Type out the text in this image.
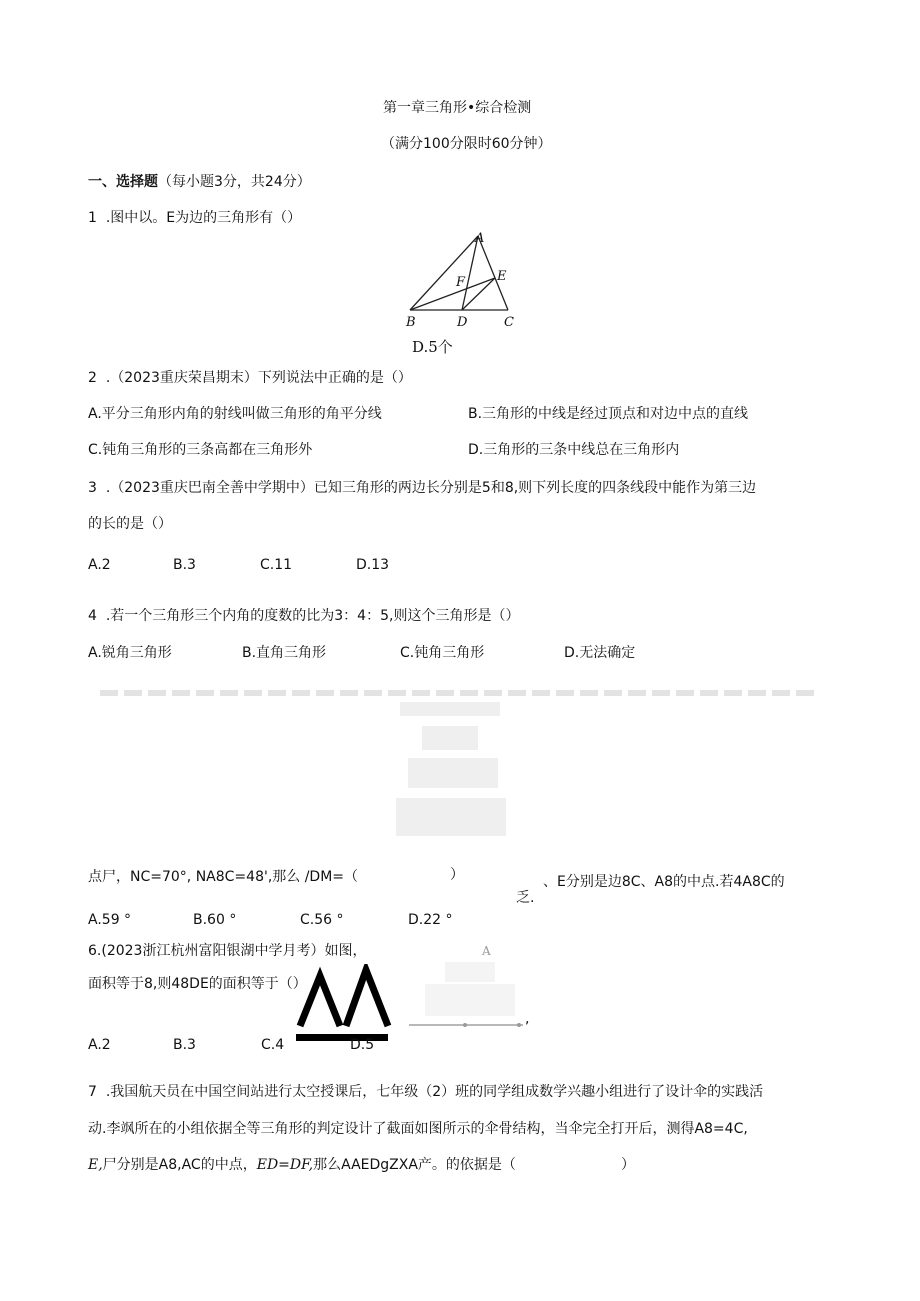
第一章三角形•综合检测
（满分100分限时60分钟）
一、选择题（每小题3分，共24分）
1 .图中以。E为边的三角形有（）
A
E
F
B	D	C
D.5个
2 .（2023重庆荣昌期末）下列说法中正确的是（）
A.平分三角形内角的射线叫做三角形的角平分线	B.三角形的中线是经过顶点和对边中点的直线
C.钝角三角形的三条高都在三角形外	D.三角形的三条中线总在三角形内
3 .（2023重庆巴南全善中学期中）已知三角形的两边长分别是5和8,则下列长度的四条线段中能作为第三边
的长的是（）
A.2	B.3	C.11	D.13
4 .若一个三角形三个内角的度数的比为3：4：5,则这个三角形是（）
A.锐角三角形	B.直角三角形	C.钝角三角形	D.无法确定
点尸，NC=70°, NA8C=48',那么 /DM=（	）	、E分别是边8C、A8的中点.若4A8C的
乏.
A.59 °	B.60 °	C.56 °	D.22 °
6.(2023浙江杭州富阳银湖中学月考）如图，
面积等于8,则48DE的面积等于（）
A
,
A.2	B.3	C.4	D.5
7 .我国航天员在中国空间站进行太空授课后，七年级（2）班的同学组成数学兴趣小组进行了设计伞的实践活
动.李飒所在的小组依据全等三角形的判定设计了截面如图所示的伞骨结构，当伞完全打开后，测得A8=4C,
E,尸分别是A8,AC的中点，ED=DF,那么AAEDgZXA产。的依据是（	）
